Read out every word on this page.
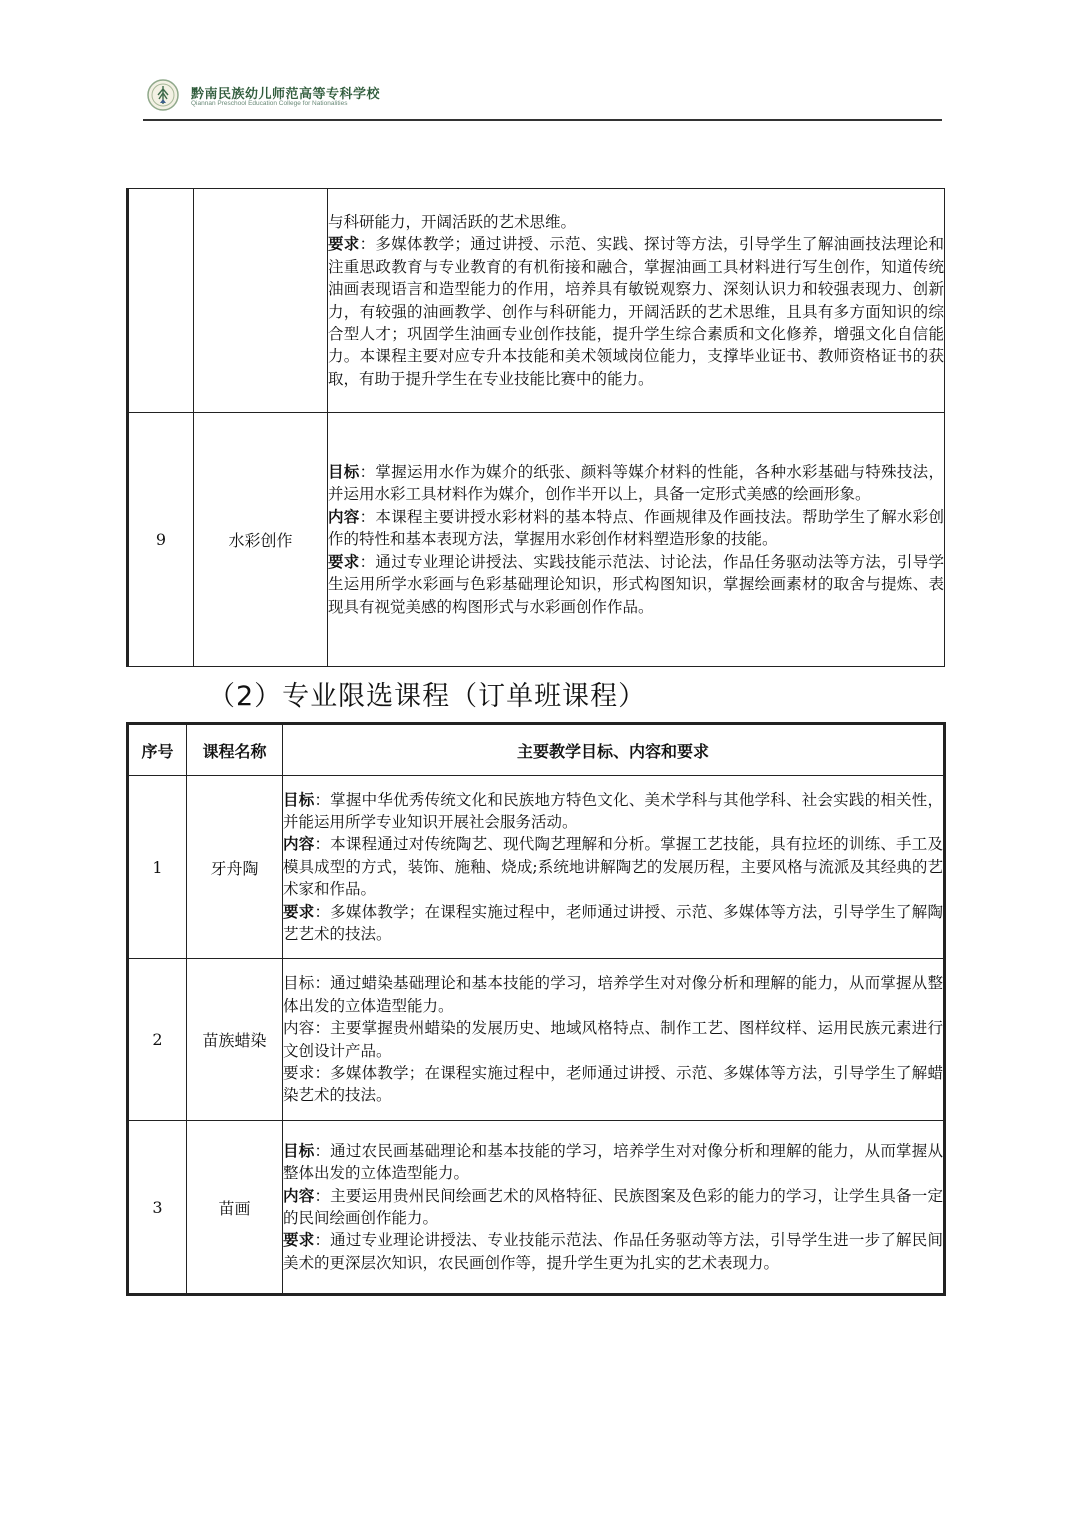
黔南民族幼儿师范高等专科学校
Qiannan Preschool Education College for Nationalities

		与科研能力，开阔活跃的艺术思维。

要求：多媒体教学；通过讲授、示范、实践、探讨等方法，引导学生了解油画技法理论和注重思政教育与专业教育的有机衔接和融合，掌握油画工具材料进行写生创作，知道传统油画表现语言和造型能力的作用，培养具有敏锐观察力、深刻认识力和较强表现力、创新力，有较强的油画教学、创作与科研能力，开阔活跃的艺术思维，且具有多方面知识的综合型人才；巩固学生油画专业创作技能，提升学生综合素质和文化修养，增强文化自信能力。本课程主要对应专升本技能和美术领域岗位能力，支撑毕业证书、教师资格证书的获取，有助于提升学生在专业技能比赛中的能力。

9	水彩创作	目标：掌握运用水作为媒介的纸张、颜料等媒介材料的性能，各种水彩基础与特殊技法，并运用水彩工具材料作为媒介，创作半开以上，具备一定形式美感的绘画形象。

内容：本课程主要讲授水彩材料的基本特点、作画规律及作画技法。帮助学生了解水彩创作的特性和基本表现方法，掌握用水彩创作材料塑造形象的技能。

要求：通过专业理论讲授法、实践技能示范法、讨论法，作品任务驱动法等方法，引导学生运用所学水彩画与色彩基础理论知识，形式构图知识，掌握绘画素材的取舍与提炼、表现具有视觉美感的构图形式与水彩画创作作品。

（2）专业限选课程（订单班课程）
序号	课程名称	主要教学目标、内容和要求
1	牙舟陶	目标：掌握中华优秀传统文化和民族地方特色文化、美术学科与其他学科、社会实践的相关性，并能运用所学专业知识开展社会服务活动。

内容：本课程通过对传统陶艺、现代陶艺理解和分析。掌握工艺技能，具有拉坯的训练、手工及模具成型的方式，装饰、施釉、烧成;系统地讲解陶艺的发展历程，主要风格与流派及其经典的艺术家和作品。

要求：多媒体教学；在课程实施过程中，老师通过讲授、示范、多媒体等方法，引导学生了解陶艺艺术的技法。

2	苗族蜡染	目标：通过蜡染基础理论和基本技能的学习，培养学生对对像分析和理解的能力，从而掌握从整体出发的立体造型能力。

内容：主要掌握贵州蜡染的发展历史、地域风格特点、制作工艺、图样纹样、运用民族元素进行文创设计产品。

要求：多媒体教学；在课程实施过程中，老师通过讲授、示范、多媒体等方法，引导学生了解蜡染艺术的技法。

3	苗画	目标：通过农民画基础理论和基本技能的学习，培养学生对对像分析和理解的能力，从而掌握从整体出发的立体造型能力。

内容：主要运用贵州民间绘画艺术的风格特征、民族图案及色彩的能力的学习，让学生具备一定的民间绘画创作能力。

要求：通过专业理论讲授法、专业技能示范法、作品任务驱动等方法，引导学生进一步了解民间美术的更深层次知识，农民画创作等，提升学生更为扎实的艺术表现力。
